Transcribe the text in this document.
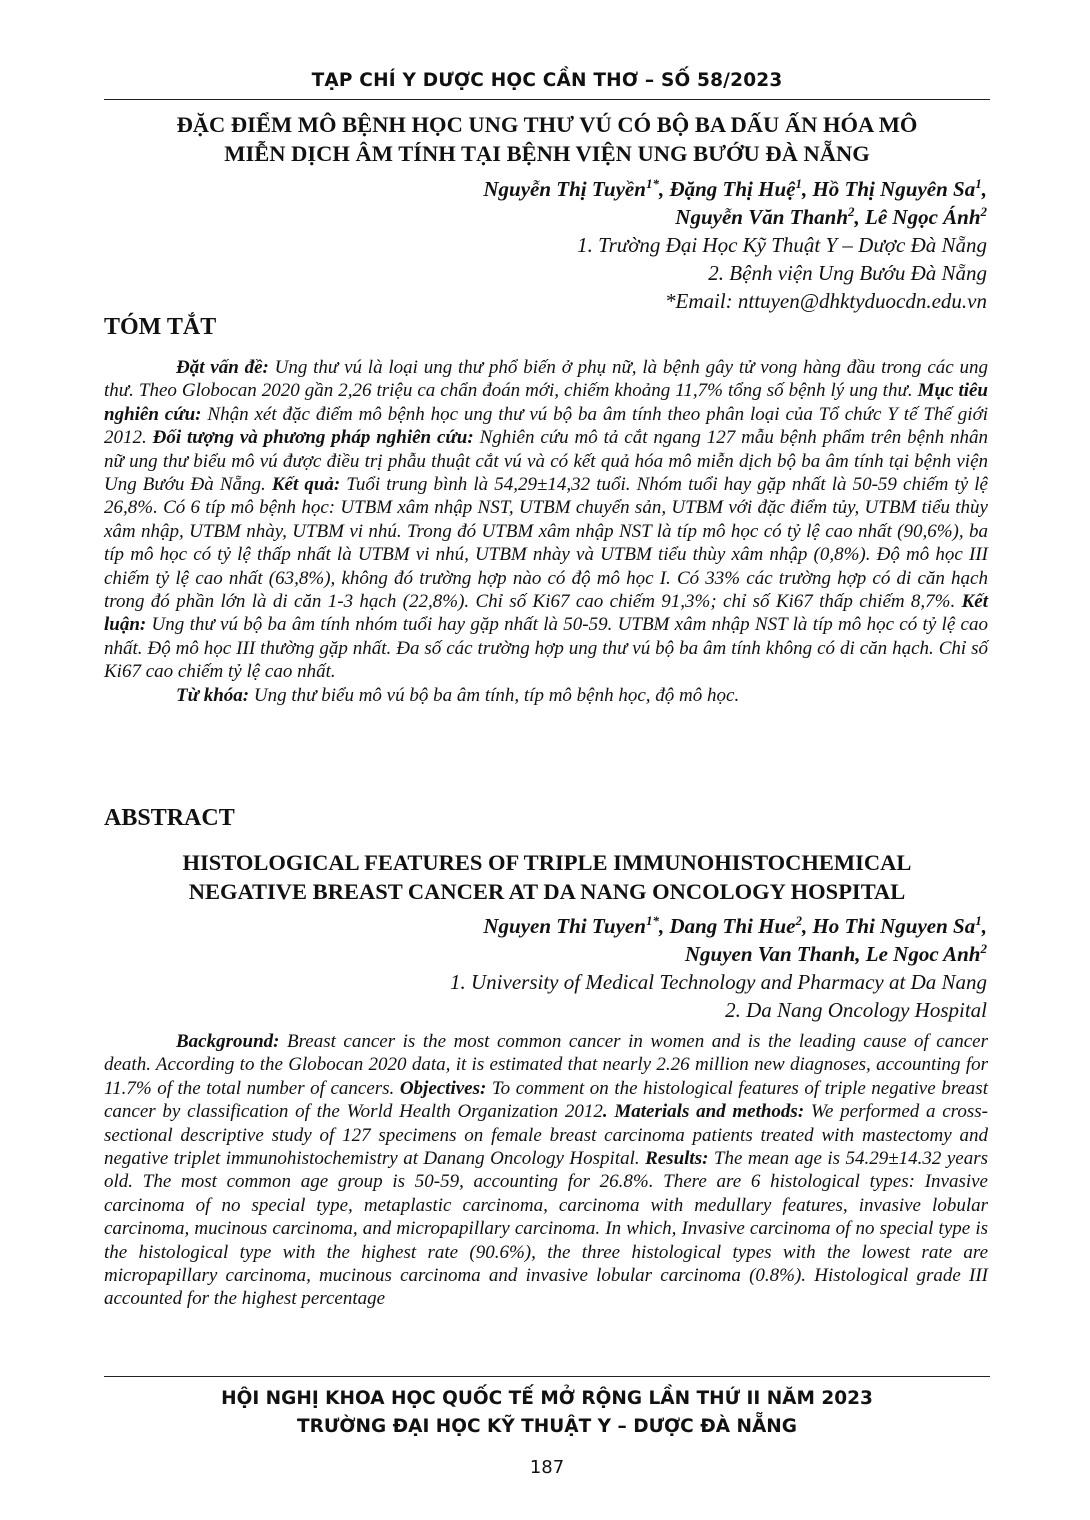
TẠP CHÍ Y DƯỢC HỌC CẦN THƠ – SỐ 58/2023
ĐẶC ĐIỂM MÔ BỆNH HỌC UNG THƯ VÚ CÓ BỘ BA DẤU ẤN HÓA MÔ
MIỄN DỊCH ÂM TÍNH TẠI BỆNH VIỆN UNG BƯỚU ĐÀ NẴNG
Nguyễn Thị Tuyền$^{1*}$, Đặng Thị Huệ$^1$, Hồ Thị Nguyên Sa$^1$,
Nguyễn Văn Thanh$^2$, Lê Ngọc Ánh$^2$
1. Trường Đại Học Kỹ Thuật Y – Dược Đà Nẵng
2. Bệnh viện Ung Bướu Đà Nẵng
*Email: nttuyen@dhktyduocdn.edu.vn
TÓM TẮT

Đặt vấn đề: Ung thư vú là loại ung thư phổ biến ở phụ nữ, là bệnh gây tử vong hàng đầu trong các ung thư. Theo Globocan 2020 gần 2,26 triệu ca chẩn đoán mới, chiếm khoảng 11,7% tổng số bệnh lý ung thư. Mục tiêu nghiên cứu: Nhận xét đặc điểm mô bệnh học ung thư vú bộ ba âm tính theo phân loại của Tổ chức Y tế Thế giới 2012. Đối tượng và phương pháp nghiên cứu: Nghiên cứu mô tả cắt ngang 127 mẫu bệnh phẩm trên bệnh nhân nữ ung thư biểu mô vú được điều trị phẫu thuật cắt vú và có kết quả hóa mô miễn dịch bộ ba âm tính tại bệnh viện Ung Bướu Đà Nẵng. Kết quả: Tuổi trung bình là 54,29±14,32 tuổi. Nhóm tuổi hay gặp nhất là 50-59 chiếm tỷ lệ 26,8%. Có 6 típ mô bệnh học: UTBM xâm nhập NST, UTBM chuyển sản, UTBM với đặc điểm tủy, UTBM tiểu thùy xâm nhập, UTBM nhày, UTBM vi nhú. Trong đó UTBM xâm nhập NST là típ mô học có tỷ lệ cao nhất (90,6%), ba típ mô học có tỷ lệ thấp nhất là UTBM vi nhú, UTBM nhày và UTBM tiểu thùy xâm nhập (0,8%). Độ mô học III chiếm tỷ lệ cao nhất (63,8%), không đó trường hợp nào có độ mô học I. Có 33% các trường hợp có di căn hạch trong đó phần lớn là di căn 1-3 hạch (22,8%). Chỉ số Ki67 cao chiếm 91,3%; chỉ số Ki67 thấp chiếm 8,7%. Kết luận: Ung thư vú bộ ba âm tính nhóm tuổi hay gặp nhất là 50-59. UTBM xâm nhập NST là típ mô học có tỷ lệ cao nhất. Độ mô học III thường gặp nhất. Đa số các trường hợp ung thư vú bộ ba âm tính không có di căn hạch. Chỉ số Ki67 cao chiếm tỷ lệ cao nhất.

Từ khóa: Ung thư biểu mô vú bộ ba âm tính, típ mô bệnh học, độ mô học.

ABSTRACT
HISTOLOGICAL FEATURES OF TRIPLE IMMUNOHISTOCHEMICAL
NEGATIVE BREAST CANCER AT DA NANG ONCOLOGY HOSPITAL
Nguyen Thi Tuyen$^{1*}$, Dang Thi Hue$^2$, Ho Thi Nguyen Sa$^1$,
Nguyen Van Thanh, Le Ngoc Anh$^2$
1. University of Medical Technology and Pharmacy at Da Nang
2. Da Nang Oncology Hospital

Background: Breast cancer is the most common cancer in women and is the leading cause of cancer death. According to the Globocan 2020 data, it is estimated that nearly 2.26 million new diagnoses, accounting for 11.7% of the total number of cancers. Objectives: To comment on the histological features of triple negative breast cancer by classification of the World Health Organization 2012. Materials and methods: We performed a cross-sectional descriptive study of 127 specimens on female breast carcinoma patients treated with mastectomy and negative triplet immunohistochemistry at Danang Oncology Hospital. Results: The mean age is 54.29±14.32 years old. The most common age group is 50-59, accounting for 26.8%. There are 6 histological types: Invasive carcinoma of no special type, metaplastic carcinoma, carcinoma with medullary features, invasive lobular carcinoma, mucinous carcinoma, and micropapillary carcinoma. In which, Invasive carcinoma of no special type is the histological type with the highest rate (90.6%), the three histological types with the lowest rate are micropapillary carcinoma, mucinous carcinoma and invasive lobular carcinoma (0.8%). Histological grade III accounted for the highest percentage

HỘI NGHỊ KHOA HỌC QUỐC TẾ MỞ RỘNG LẦN THỨ II NĂM 2023
TRƯỜNG ĐẠI HỌC KỸ THUẬT Y – DƯỢC ĐÀ NẴNG
187
